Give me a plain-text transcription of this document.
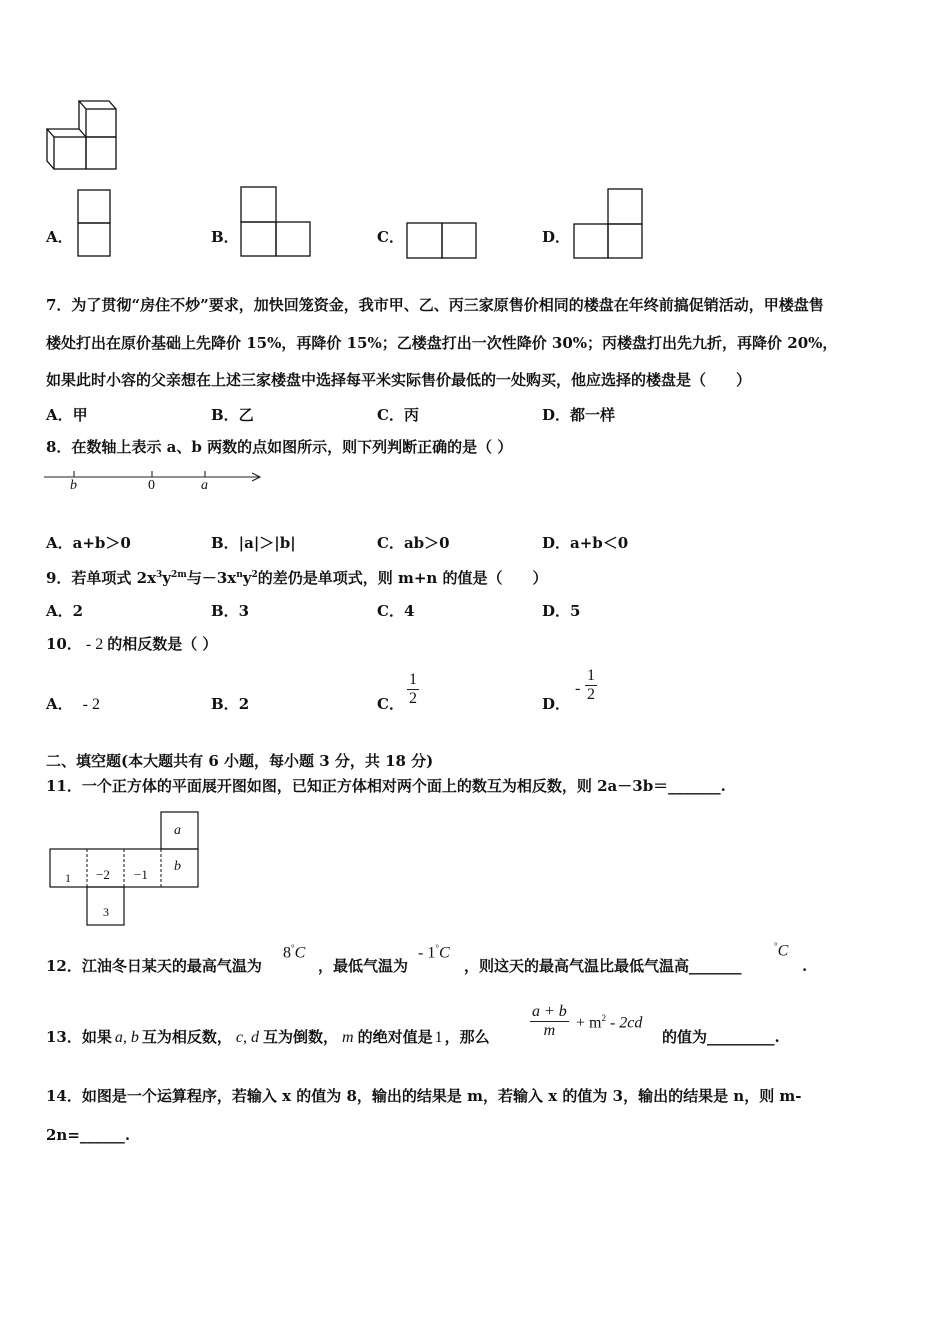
A．	B．	C．	D．
7．为了贯彻“房住不炒”要求，加快回笼资金，我市甲、乙、丙三家原售价相同的楼盘在年终前搞促销活动，甲楼盘售
楼处打出在原价基础上先降价 15%，再降价 15%；乙楼盘打出一次性降价 30%；丙楼盘打出先九折，再降价 20%，
如果此时小容的父亲想在上述三家楼盘中选择每平米实际售价最低的一处购买，他应选择的楼盘是（　　）
A．甲	B．乙	C．丙	D．都一样
8．在数轴上表示 a、b 两数的点如图所示，则下列判断正确的是（ ）
b	0	a
A．a+b＞0	B．|a|＞|b|	C．ab＞0	D．a+b＜0
9．若单项式 $2x^3y^{2m}$与$-3x^ny^2$的差仍是单项式，则 m+n 的值是（　　）
A．2	B．3	C．4	D．5
10． - 2 的相反数是（ ）
A． - 2	B．2	C． $\frac{1}{2}$	D．
- $\frac{1}{2}$
二、填空题(本大题共有 6 小题，每小题 3 分，共 18 分)
11．一个正方体的平面展开图如图，已知正方体相对两个面上的数互为相反数，则 2a－3b＝_______.
a
1 −2 −1
b
3
12．江油冬日某天的最高气温为
8°C
，最低气温为
- 1°C
，则这天的最高气温比最低气温高_______
°C
.
13．如果 a, b 互为相反数， c, d 互为倒数， m 的绝对值是 1 ，那么	$\frac{a + b}{m} + m^2 - 2cd$
的值为_________.
14．如图是一个运算程序，若输入 x 的值为 8，输出的结果是 m，若输入 x 的值为 3，输出的结果是 n，则 m-
2n=______.
